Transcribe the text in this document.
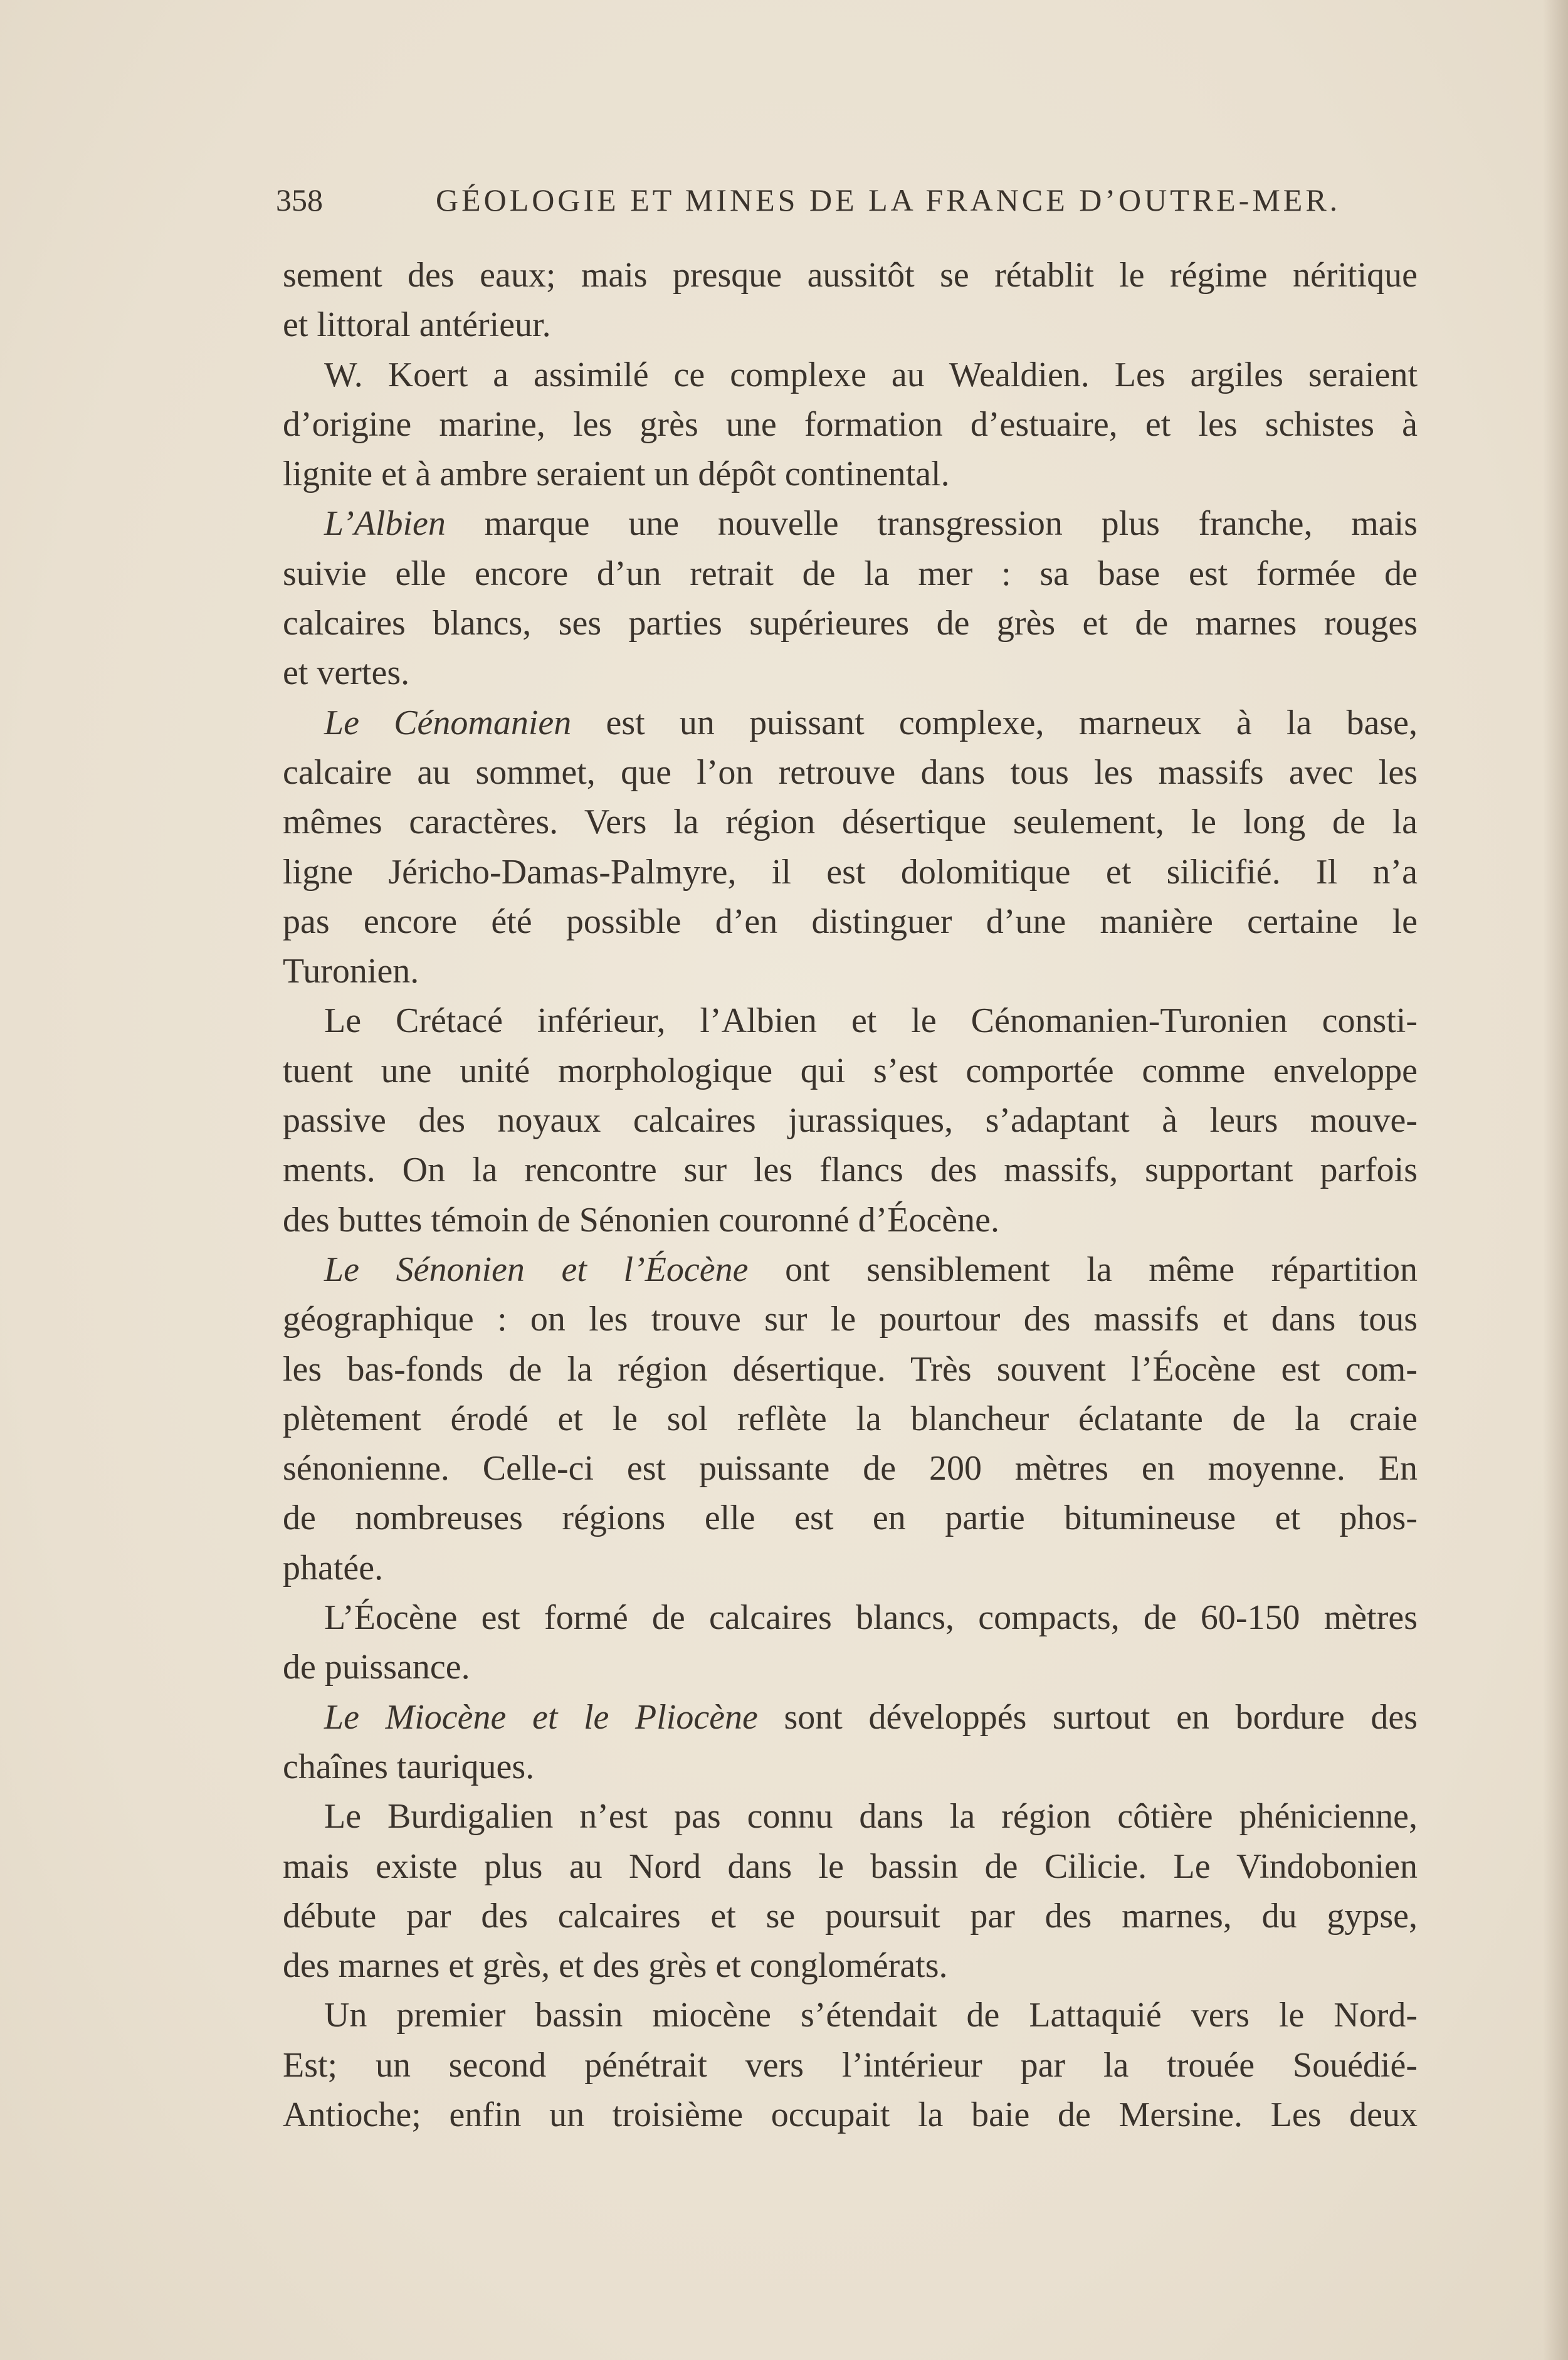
358	GÉOLOGIE ET MINES DE LA FRANCE D’OUTRE-MER.
sement des eaux; mais presque aussitôt se rétablit le régime néritique
et littoral antérieur.
W. Koert a assimilé ce complexe au Wealdien. Les argiles seraient
d’origine marine, les grès une formation d’estuaire, et les schistes à
lignite et à ambre seraient un dépôt continental.
L’Albien marque une nouvelle transgression plus franche, mais
suivie elle encore d’un retrait de la mer : sa base est formée de
calcaires blancs, ses parties supérieures de grès et de marnes rouges
et vertes.
Le Cénomanien est un puissant complexe, marneux à la base,
calcaire au sommet, que l’on retrouve dans tous les massifs avec les
mêmes caractères. Vers la région désertique seulement, le long de la
ligne Jéricho-Damas-Palmyre, il est dolomitique et silicifié. Il n’a
pas encore été possible d’en distinguer d’une manière certaine le
Turonien.
Le Crétacé inférieur, l’Albien et le Cénomanien-Turonien consti-
tuent une unité morphologique qui s’est comportée comme enveloppe
passive des noyaux calcaires jurassiques, s’adaptant à leurs mouve-
ments. On la rencontre sur les flancs des massifs, supportant parfois
des buttes témoin de Sénonien couronné d’Éocène.
Le Sénonien et l’Éocène ont sensiblement la même répartition
géographique : on les trouve sur le pourtour des massifs et dans tous
les bas-fonds de la région désertique. Très souvent l’Éocène est com-
plètement érodé et le sol reflète la blancheur éclatante de la craie
sénonienne. Celle-ci est puissante de 200 mètres en moyenne. En
de nombreuses régions elle est en partie bitumineuse et phos-
phatée.
L’Éocène est formé de calcaires blancs, compacts, de 60-150 mètres
de puissance.
Le Miocène et le Pliocène sont développés surtout en bordure des
chaînes tauriques.
Le Burdigalien n’est pas connu dans la région côtière phénicienne,
mais existe plus au Nord dans le bassin de Cilicie. Le Vindobonien
débute par des calcaires et se poursuit par des marnes, du gypse,
des marnes et grès, et des grès et conglomérats.
Un premier bassin miocène s’étendait de Lattaquié vers le Nord-
Est; un second pénétrait vers l’intérieur par la trouée Souédié-
Antioche; enfin un troisième occupait la baie de Mersine. Les deux
